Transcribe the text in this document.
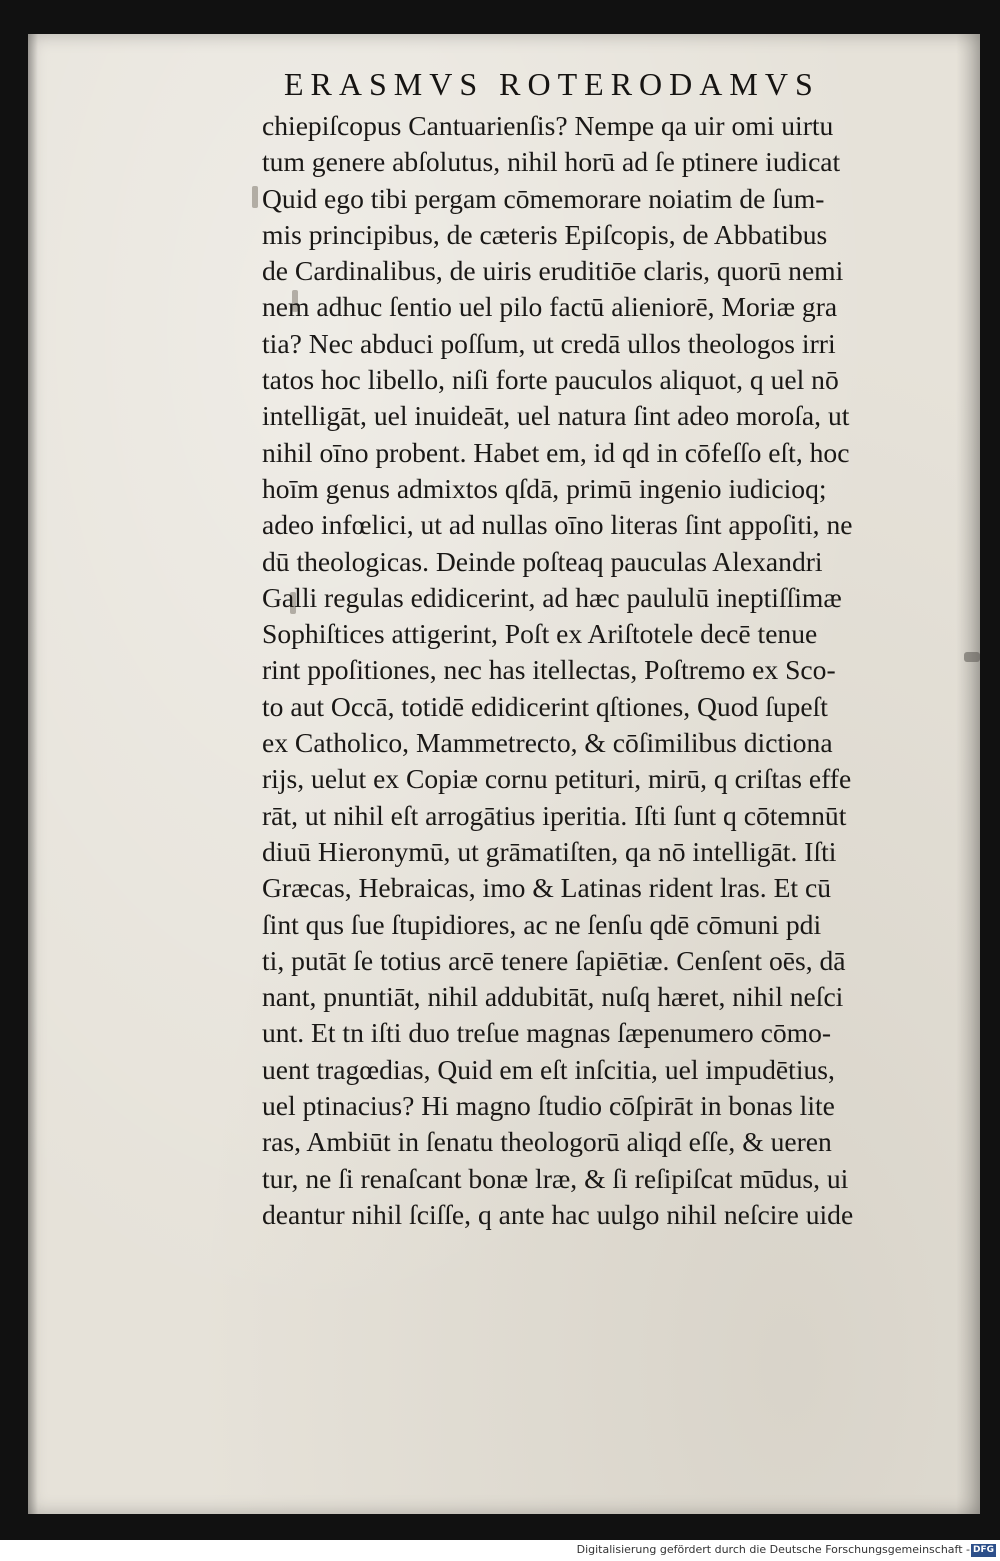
ERASMVS ROTERODAMVS
chiepiſcopus Cantuarienſis? Nempe qa uir omi uirtu
tum genere abſolutus, nihil horū ad ſe ptinere iudicat
Quid ego tibi pergam cōmemorare noiatim de ſum-
mis principibus, de cæteris Epiſcopis, de Abbatibus
de Cardinalibus, de uiris eruditiōe claris, quorū nemi
nem adhuc ſentio uel pilo factū alieniorē, Moriæ gra
tia? Nec abduci poſſum, ut credā ullos theologos irri
tatos hoc libello, niſi forte pauculos aliquot, q uel nō
intelligāt, uel inuideāt, uel natura ſint adeo moroſa, ut
nihil oīno probent. Habet em, id qd in cōfeſſo eſt, hoc
hoīm genus admixtos qſdā, primū ingenio iudicioq;
adeo infœlici, ut ad nullas oīno literas ſint appoſiti, ne
dū theologicas. Deinde poſteaq pauculas Alexandri
Galli regulas edidicerint, ad hæc paululū ineptiſſimæ
Sophiſtices attigerint, Poſt ex Ariſtotele decē tenue
rint ppoſitiones, nec has itellectas, Poſtremo ex Sco-
to aut Occā, totidē edidicerint qſtiones, Quod ſupeſt
ex Catholico, Mammetrecto, & cōſimilibus dictiona
rijs, uelut ex Copiæ cornu petituri, mirū, q criſtas effe
rāt, ut nihil eſt arrogātius iperitia. Iſti ſunt q cōtemnūt
diuū Hieronymū, ut grāmatiſten, qa nō intelligāt. Iſti
Græcas, Hebraicas, imo & Latinas rident lras. Et cū
ſint qus ſue ſtupidiores, ac ne ſenſu qdē cōmuni pdi
ti, putāt ſe totius arcē tenere ſapiētiæ. Cenſent oēs, dā
nant, pnuntiāt, nihil addubitāt, nuſq hæret, nihil neſci
unt. Et tn iſti duo treſue magnas ſæpenumero cōmo-
uent tragœdias, Quid em eſt inſcitia, uel impudētius,
uel ptinacius? Hi magno ſtudio cōſpirāt in bonas lite
ras, Ambiūt in ſenatu theologorū aliqd eſſe, & ueren
tur, ne ſi renaſcant bonæ lræ, & ſi reſipiſcat mūdus, ui
deantur nihil ſciſſe, q ante hac uulgo nihil neſcire uide
Digitalisierung gefördert durch die Deutsche Forschungsgemeinschaft - DFG
